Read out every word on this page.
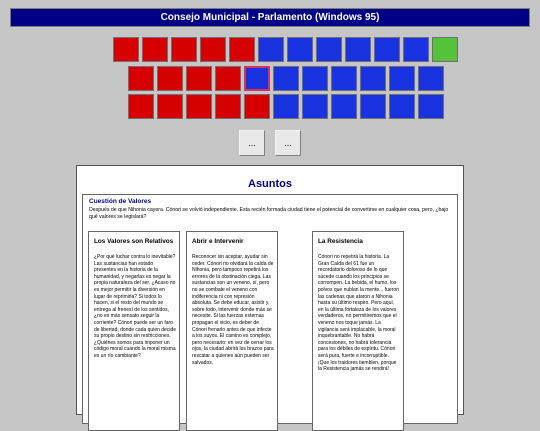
Consejo Municipal - Parlamento (Windows 95)
...	...
Asuntos
Cuestión de Valores
Después de que Nihonia cayera. Cónori se volvió independiente. Esta recién formada ciudad tiene el potencial de convertirse en cualquier cosa, pero, ¿bajo qué valores se legislará?
Los Valores son Relativos
¿Por qué luchar contra lo inevitable? Las sustancias han estado presentes en la historia de la humanidad, y negarlas es negar la propia naturaleza del ser. ¿Acaso no es mejor permitir la diversión en lugar de reprimirla? Si todos lo hacen, si el resto del mundo se entrega al frenesí de los sentidos, ¿no es más sensato seguir la corriente? Cónori puede ser un faro de libertad, donde cada quien decide su propio destino sin restricciones. ¿Quiénes somos para imponer un código moral cuando la moral misma es un río cambiante?
Abrir e Intervenir
Reconocer sin aceptar, ayudar sin ceder. Cónori no olvidará la caída de Nihonia, pero tampoco repetirá los errores de la obstinación ciega. Las sustancias son un veneno, sí, pero no se combate el veneno con indiferencia ni con represión absoluta. Se debe educar, asistir y, sobre todo, intervenir donde más se necesite. Si las fuerzas externas propagan el vicio, es deber de Cónori frenarlo antes de que infecte a los suyos. El camino es complejo, pero necesario: en vez de cerrar los ojos, la ciudad abrirá los brazos para rescatar a quienes aún pueden ser salvados.
La Resistencia
Cónori no repetirá la historia. La Gran Caída del 61 fue un recordatorio doloroso de lo que sucede cuando los principios se corrompen. La bebida, el humo, los polvos que nublan la mente... fueron las cadenas que ataron a Nihonia hasta su último respiro. Pero aquí, en la última fortaleza de los valores verdaderos, no permitiremos que el veneno nos toque jamás. La vigilancia será implacable, la moral inquebrantable. No habrá concesiones, no habrá tolerancia para los débiles de espíritu. Cónori será pura, fuerte e incorruptible. ¡Que los traidores tiemblen, porque la Resistencia jamás se rendirá!
